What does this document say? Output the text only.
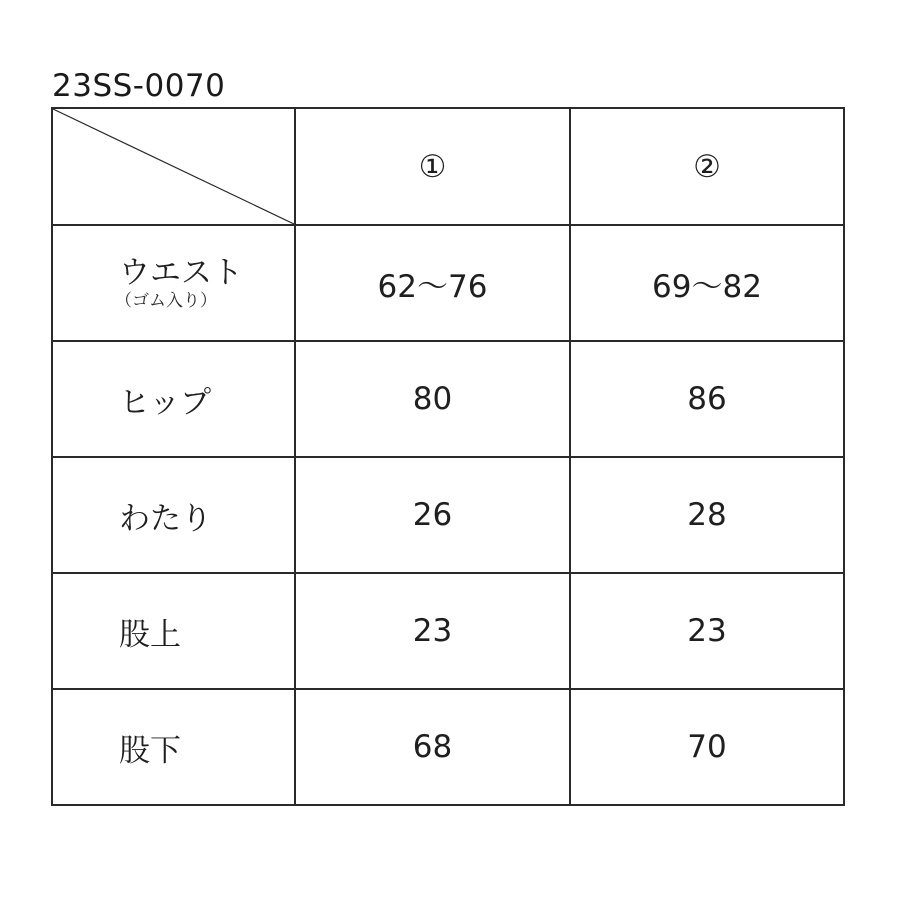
23SS-0070
	①	②

ウエスト
（ゴム入り）	62〜76	69〜82
ヒップ	80	86
わたり	26	28
股上	23	23
股下	68	70
